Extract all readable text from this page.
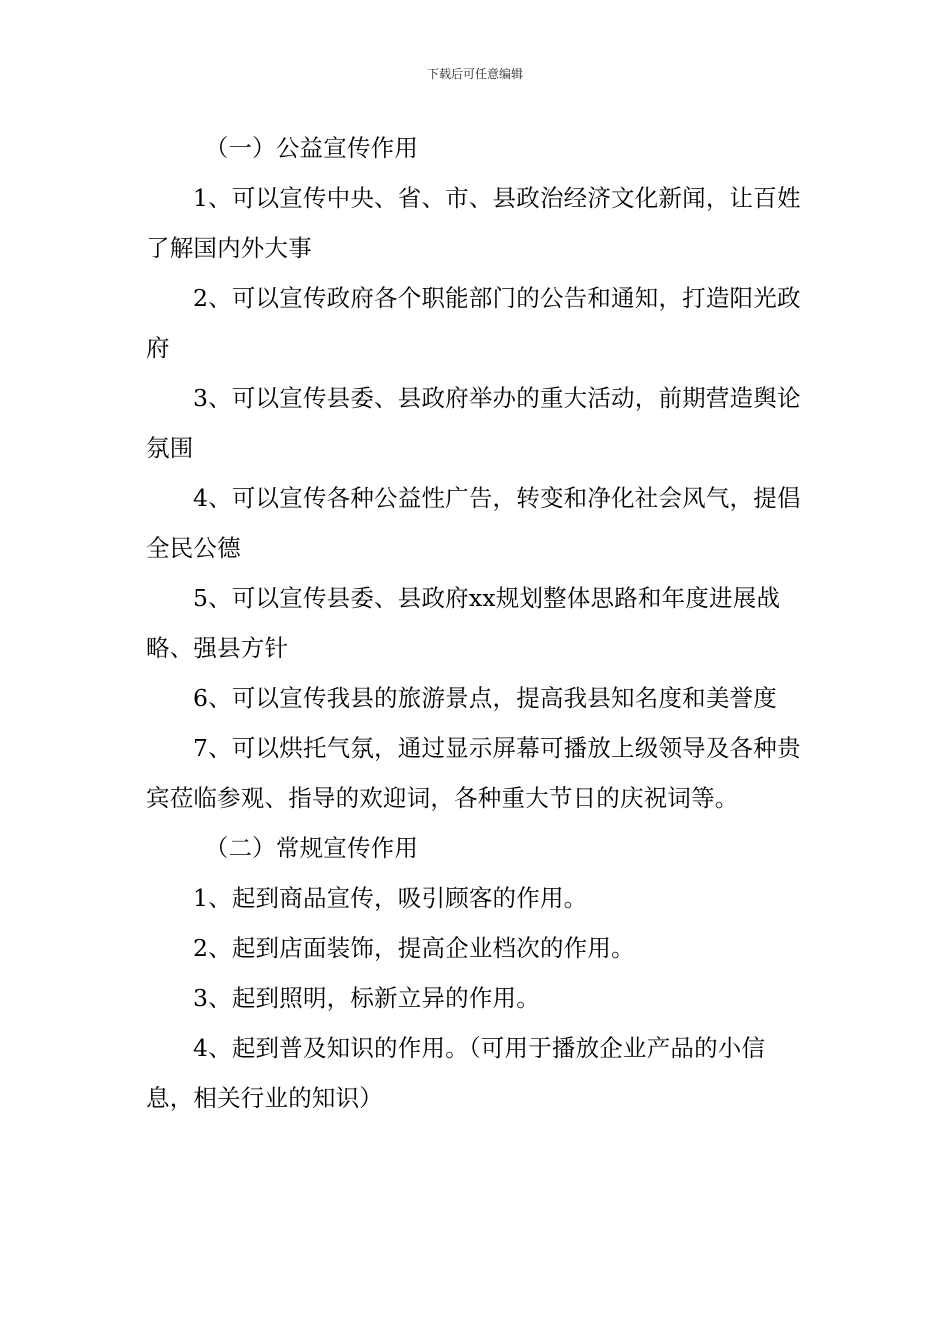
下载后可任意编辑

（一）公益宣传作用

1、可以宣传中央、省、市、县政治经济文化新闻，让百姓了解国内外大事

2、可以宣传政府各个职能部门的公告和通知，打造阳光政府

3、可以宣传县委、县政府举办的重大活动，前期营造舆论氛围

4、可以宣传各种公益性广告，转变和净化社会风气，提倡全民公德

5、可以宣传县委、县政府xx规划整体思路和年度进展战略、强县方针

6、可以宣传我县的旅游景点，提高我县知名度和美誉度

7、可以烘托气氛，通过显示屏幕可播放上级领导及各种贵宾莅临参观、指导的欢迎词，各种重大节日的庆祝词等。

（二）常规宣传作用

1、起到商品宣传，吸引顾客的作用。

2、起到店面装饰，提高企业档次的作用。

3、起到照明，标新立异的作用。

4、起到普及知识的作用。（可用于播放企业产品的小信息，相关行业的知识）
